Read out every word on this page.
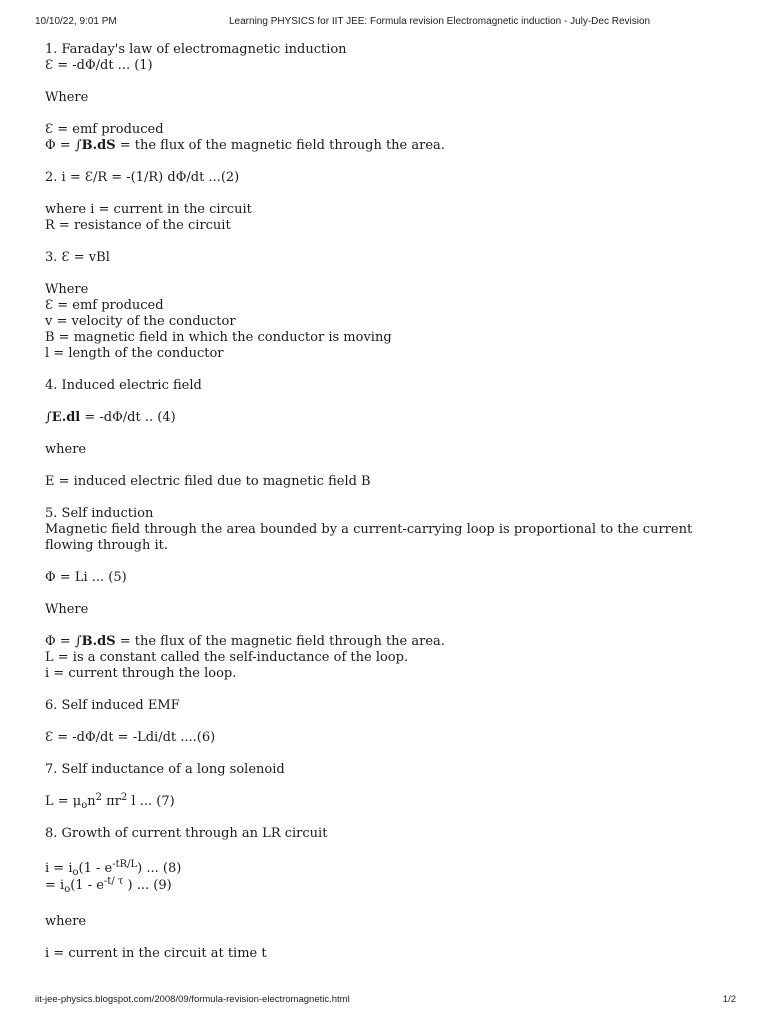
10/10/22, 9:01 PM	Learning PHYSICS for IIT JEE: Formula revision Electromagnetic induction - July-Dec Revision
1. Faraday's law of electromagnetic induction
Ɛ = -dΦ/dt ... (1)
Where
Ɛ = emf produced
Φ = ∫B.dS = the flux of the magnetic field through the area.
2. i = Ɛ/R = -(1/R) dΦ/dt ...(2)
where i = current in the circuit
R = resistance of the circuit
3. Ɛ = vBl
Where
Ɛ = emf produced
v = velocity of the conductor
B = magnetic field in which the conductor is moving
l = length of the conductor
4. Induced electric field
∫E.dl = -dΦ/dt .. (4)
where
E = induced electric filed due to magnetic field B
5. Self induction
Magnetic field through the area bounded by a current-carrying loop is proportional to the current
flowing through it.
Φ = Li ... (5)
Where
Φ = ∫B.dS = the flux of the magnetic field through the area.
L = is a constant called the self-inductance of the loop.
i = current through the loop.
6. Self induced EMF
Ɛ = -dΦ/dt = -Ldi/dt ....(6)
7. Self inductance of a long solenoid
$L = \mu_on^2$ $\pi r^2$ l ... (7)
8. Growth of current through an LR circuit
$i = i_o(1 - e^{-tR/L})$ ... (8)
= $i_o(1 - e^{-t/ \tau}$ ) ... (9)
where
i = current in the circuit at time t
iit-jee-physics.blogspot.com/2008/09/formula-revision-electromagnetic.html	1/2
